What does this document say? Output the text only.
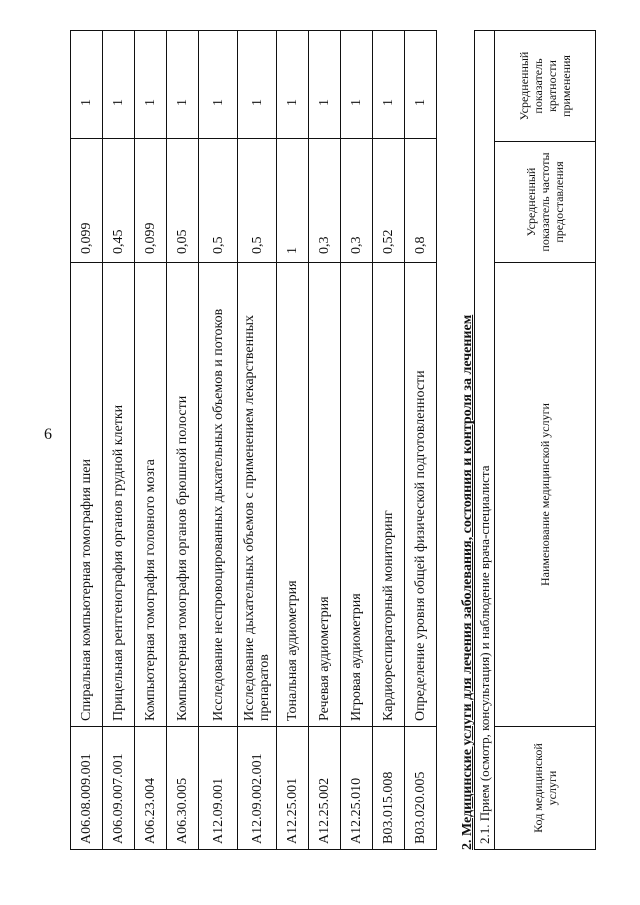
6
A06.08.009.001	Спиральная компьютерная томография шеи	0,099	1
A06.09.007.001	Прицельная рентгенография органов грудной клетки	0,45	1
A06.23.004	Компьютерная томография головного мозга	0,099	1
A06.30.005	Компьютерная томография органов брюшной полости	0,05	1
A12.09.001	Исследование неспровоцированных дыхательных объемов и потоков	0,5	1
A12.09.002.001	Исследование дыхательных объемов с применением лекарственных препаратов	0,5	1
A12.25.001	Тональная аудиометрия	1	1
A12.25.002	Речевая аудиометрия	0,3	1
A12.25.010	Игровая аудиометрия	0,3	1
B03.015.008	Кардиореспираторный мониторинг	0,52	1
B03.020.005	Определение уровня общей физической подготовленности	0,8	1
2. Медицинские услуги для лечения заболевания, состояния и контроля за лечением 2.1. Прием (осмотр, консультация) и наблюдение врача-специалиста
Код медицинской услуги	Наименование медицинской услуги	Усредненный показатель частоты предоставления	Усредненный показатель кратности применения
